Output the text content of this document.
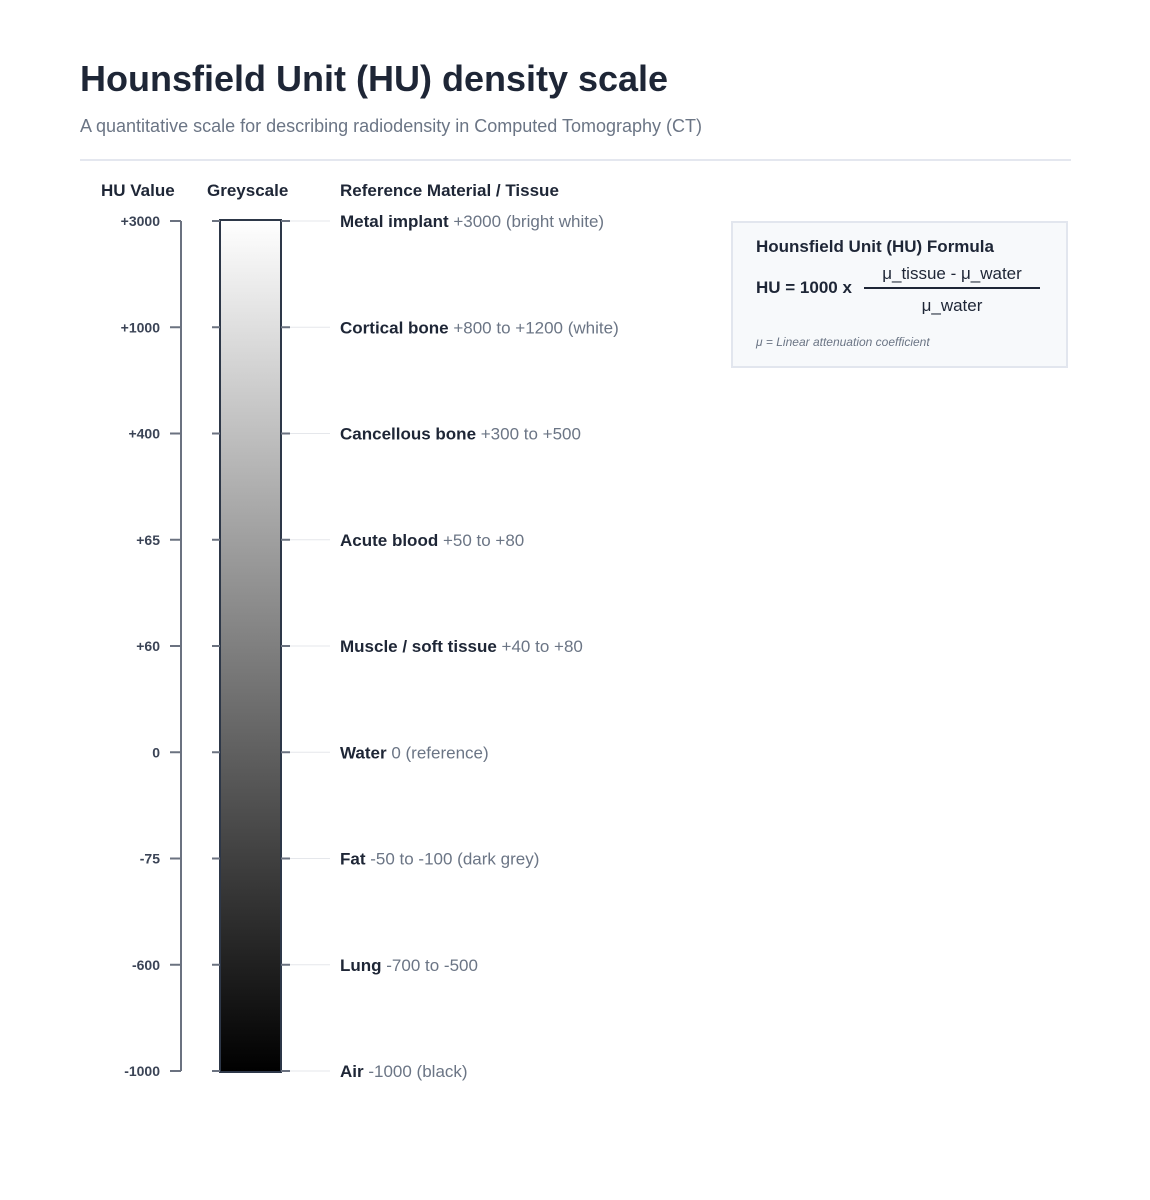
Hounsfield Unit (HU) density scale

A quantitative scale for describing radiodensity in Computed Tomography (CT)

HU Value Greyscale	Reference Material / Tissue
+3000	Metal implant +3000 (bright white)
+1000	Cortical bone +800 to +1200 (white)
+400	Cancellous bone +300 to +500
+65	Acute blood +50 to +80
+60	Muscle / soft tissue +40 to +80
0	Water 0 (reference)
-75	Fat -50 to -100 (dark grey)
-600	Lung -700 to -500
-1000	Air -1000 (black)
Hounsfield Unit (HU) Formula
HU = 1000 x
μ_tissue - μ_water
μ_water
μ = Linear attenuation coefficient
